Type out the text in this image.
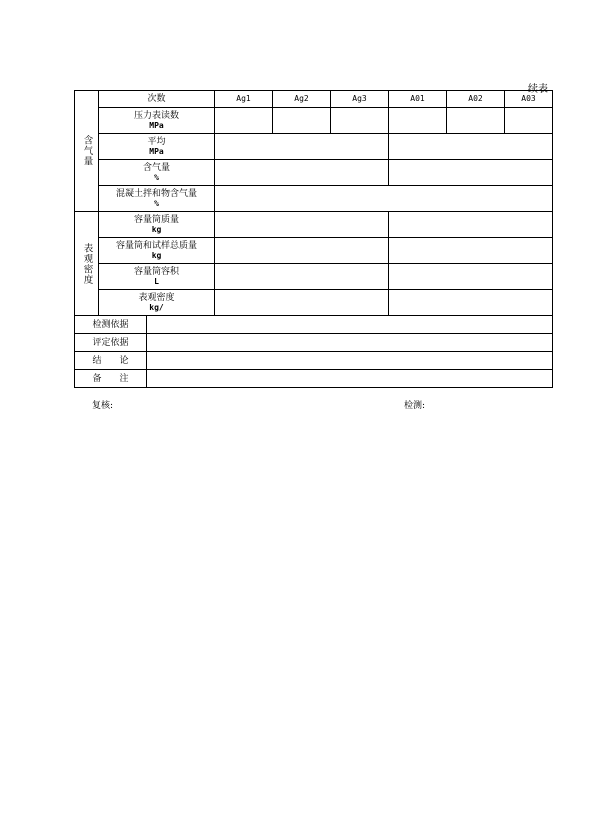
续表
含气量	次数		Ag1	Ag2	Ag3	A01	A02	A03

	压力表读数
MPa							

	平均
MPa							

	含气量
%							

	混凝土拌和物含气量
%							

表观密度	容量筒质量
kg							

	容量筒和试样总质量
kg							

	容量筒容积
L							

	表观密度
kg/							

检测依据								
评定依据								
结　　论								
备　　注								
复核:	检测:
